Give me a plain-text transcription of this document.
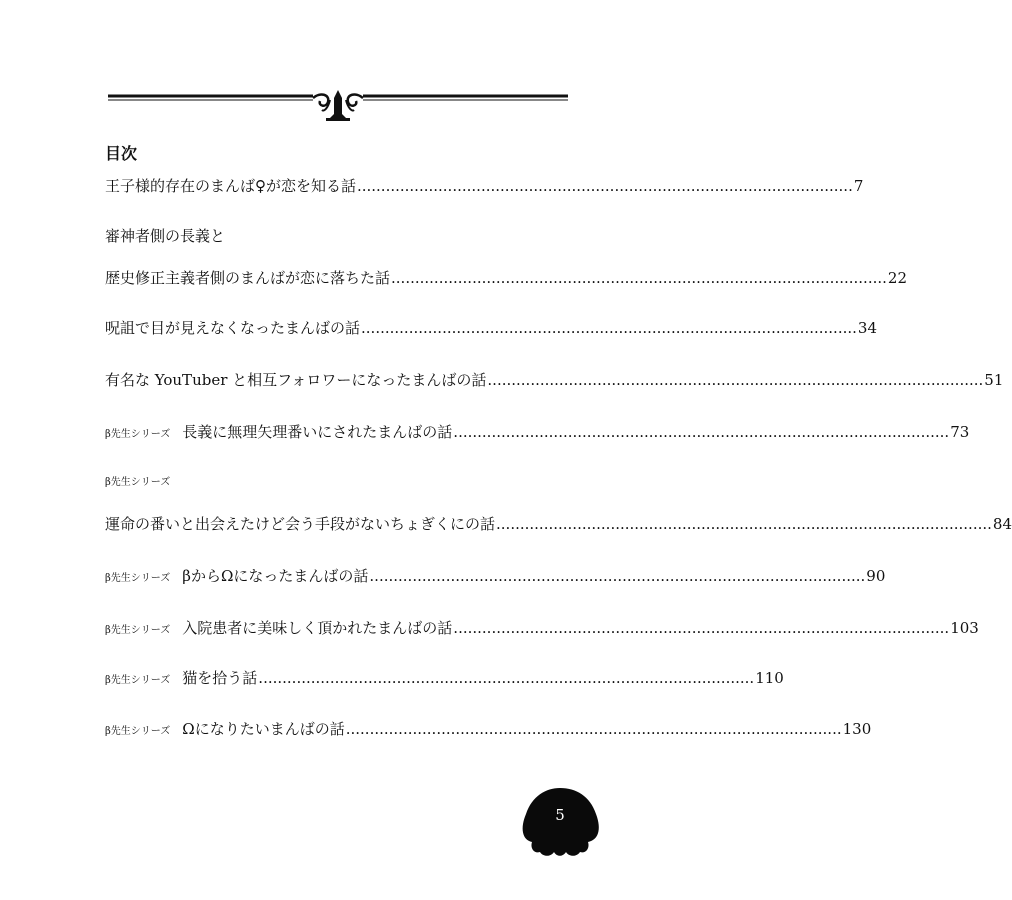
目次
王子様的存在のまんば♀が恋を知る話 ........................................................................................................ 7
審神者側の長義と
歴史修正主義者側のまんばが恋に落ちた話 ........................................................................................................ 22
呪詛で目が見えなくなったまんばの話 ........................................................................................................ 34
有名な YouTuber と相互フォロワーになったまんばの話 ........................................................................................................ 51
β先生シリーズ 長義に無理矢理番いにされたまんばの話 ........................................................................................................ 73
β先生シリーズ
運命の番いと出会えたけど会う手段がないちょぎくにの話 ........................................................................................................ 84
β先生シリーズ βからΩになったまんばの話 ........................................................................................................ 90
β先生シリーズ 入院患者に美味しく頂かれたまんばの話 ........................................................................................................ 103
β先生シリーズ 猫を拾う話 ........................................................................................................ 110
β先生シリーズ Ωになりたいまんばの話 ........................................................................................................ 130
5
